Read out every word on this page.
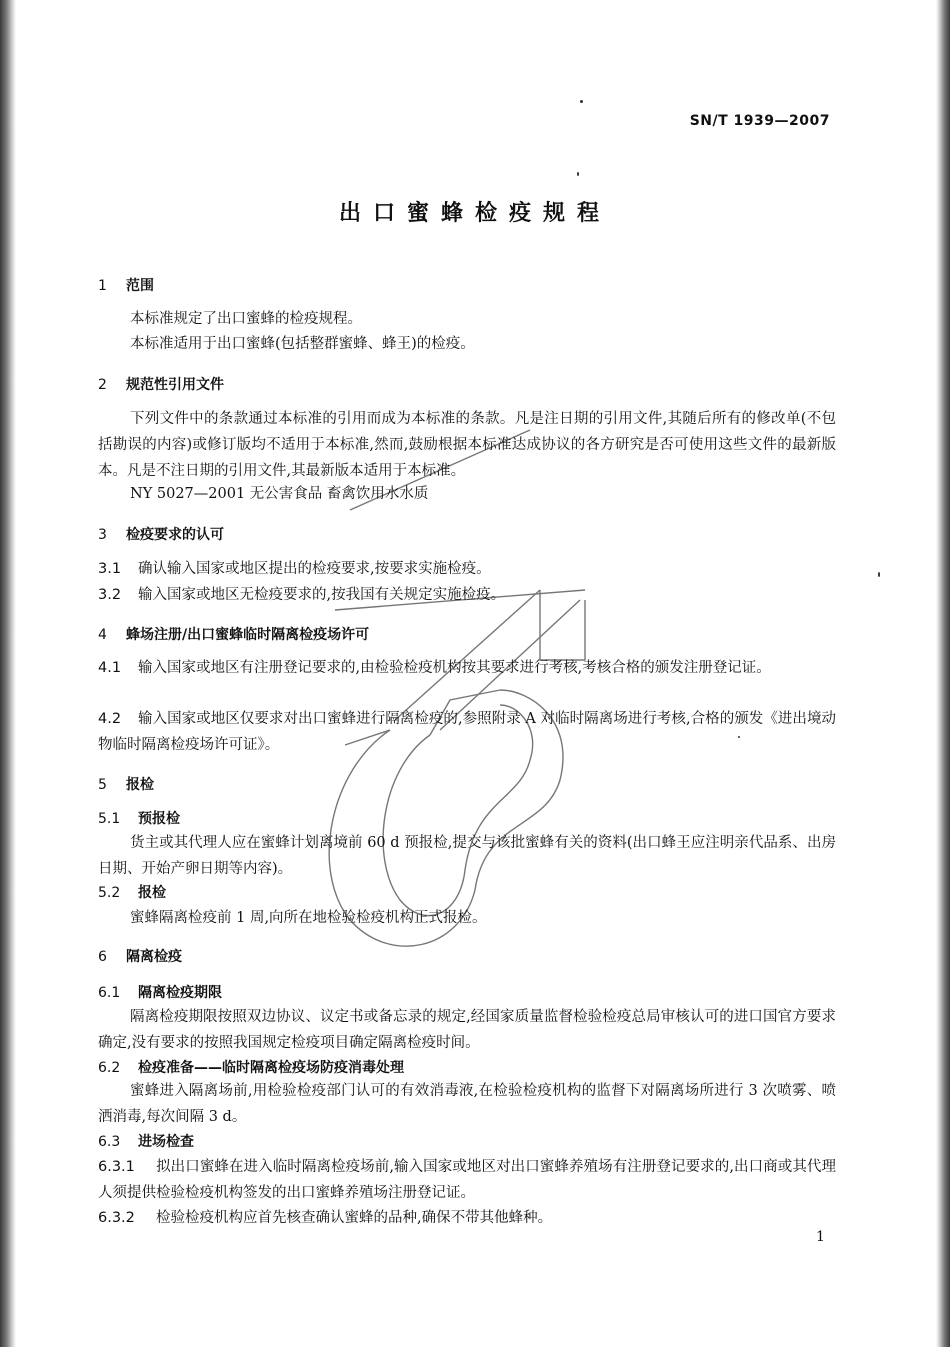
SN/T 1939—2007
出口蜜蜂检疫规程
1 范围

本标准规定了出口蜜蜂的检疫规程。

本标准适用于出口蜜蜂(包括整群蜜蜂、蜂王)的检疫。

2 规范性引用文件

下列文件中的条款通过本标准的引用而成为本标准的条款。凡是注日期的引用文件,其随后所有的修改单(不包括勘误的内容)或修订版均不适用于本标准,然而,鼓励根据本标准达成协议的各方研究是否可使用这些文件的最新版本。凡是不注日期的引用文件,其最新版本适用于本标准。

NY 5027—2001 无公害食品 畜禽饮用水水质

3 检疫要求的认可

3.1 确认输入国家或地区提出的检疫要求,按要求实施检疫。

3.2 输入国家或地区无检疫要求的,按我国有关规定实施检疫。

4 蜂场注册/出口蜜蜂临时隔离检疫场许可

4.1 输入国家或地区有注册登记要求的,由检验检疫机构按其要求进行考核,考核合格的颁发注册登记证。

4.2 输入国家或地区仅要求对出口蜜蜂进行隔离检疫的,参照附录 A 对临时隔离场进行考核,合格的颁发《进出境动物临时隔离检疫场许可证》。

5 报检
5.1 预报检

货主或其代理人应在蜜蜂计划离境前 60 d 预报检,提交与该批蜜蜂有关的资料(出口蜂王应注明亲代品系、出房日期、开始产卵日期等内容)。

5.2 报检

蜜蜂隔离检疫前 1 周,向所在地检验检疫机构正式报检。

6 隔离检疫
6.1 隔离检疫期限

隔离检疫期限按照双边协议、议定书或备忘录的规定,经国家质量监督检验检疫总局审核认可的进口国官方要求确定,没有要求的按照我国规定检疫项目确定隔离检疫时间。

6.2 检疫准备——临时隔离检疫场防疫消毒处理

蜜蜂进入隔离场前,用检验检疫部门认可的有效消毒液,在检验检疫机构的监督下对隔离场所进行 3 次喷雾、喷洒消毒,每次间隔 3 d。

6.3 进场检查

6.3.1 拟出口蜜蜂在进入临时隔离检疫场前,输入国家或地区对出口蜜蜂养殖场有注册登记要求的,出口商或其代理人须提供检验检疫机构签发的出口蜜蜂养殖场注册登记证。

6.3.2 检验检疫机构应首先核查确认蜜蜂的品种,确保不带其他蜂种。

1
